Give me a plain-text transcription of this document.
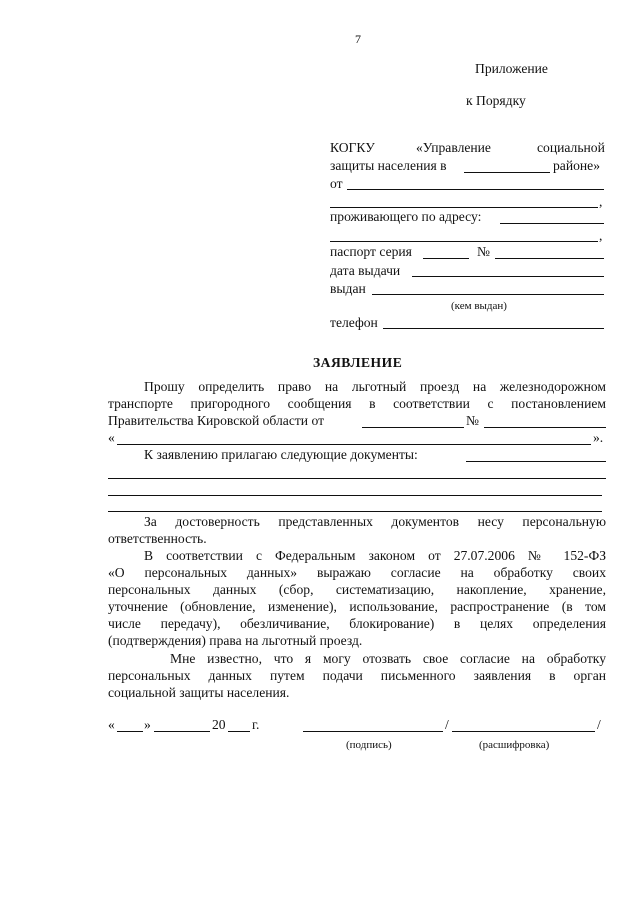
7
Приложение
к Порядку
КОГКУ	«Управление	социальной
защиты населения в	районе»
от
,
проживающего по адресу:
,
паспорт серия	№
дата выдачи
выдан
(кем выдан)
телефон
ЗАЯВЛЕНИЕ
Прошу определить право на льготный проезд на железнодорожном
транспорте пригородного сообщения в соответствии с постановлением
Правительства Кировской области от	№
«	».
К заявлению прилагаю следующие документы:
За достоверность представленных документов несу персональную
ответственность.
В соответствии с Федеральным законом от 27.07.2006 № 152-ФЗ
«О персональных данных» выражаю согласие на обработку своих
персональных данных (сбор, систематизацию, накопление, хранение,
уточнение (обновление, изменение), использование, распространение (в том
числе передачу), обезличивание, блокирование) в целях определения
(подтверждения) права на льготный проезд.
Мне известно, что я могу отозвать свое согласие на обработку
персональных данных путем подачи письменного заявления в орган
социальной защиты населения.
« »	20 г.	/	/
(подпись)	(расшифровка)
